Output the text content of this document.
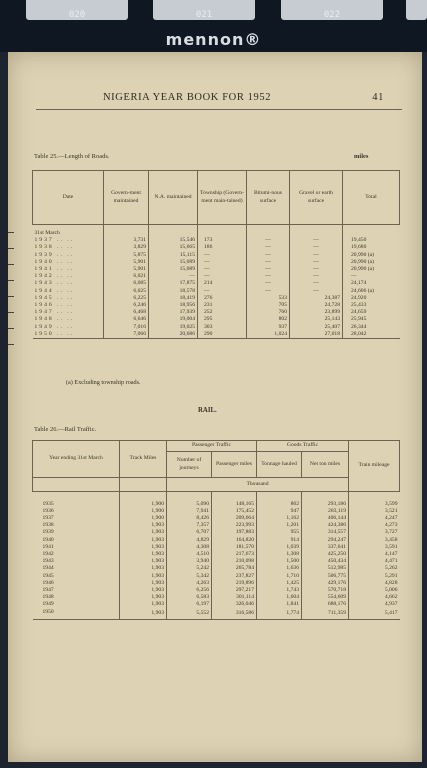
020	021	022
mennon®
NIGERIA YEAR BOOK FOR 1952	41
Table 25.—Length of Roads.	miles
Date	Govern-ment maintained	N.A. maintained	Township (Govern-ment main-tained)	Bitumi-nous surface	Gravel or earth surface	Total
31st March						
1937 .. ..	3,731	15,546	173	—	—	19,450
1938 .. ..	3,829	15,665	186	—	—	19,680
1939 .. ..	5,875	15,115	—	—	—	20,990 (a)
1940 .. ..	5,901	15,089	—	—	—	20,990 (a)
1941 .. ..	5,901	15,089	—	—	—	20,990 (a)
1942 .. ..	6,021	—	—	—	—	—
1943 .. ..	6,085	17,875	214	—	—	24,174
1944 .. ..	6,025	18,578	—	—	—	24,606 (a)
1945 .. ..	6,225	18,419	276	533	24,387	24,920
1946 .. ..	6,246	18,956	231	705	24,728	25,433
1947 .. ..	6,468	17,939	252	760	23,899	24,659
1948 .. ..	6,646	19,004	295	802	25,143	25,945
1949 .. ..	7,016	19,025	303	937	25,407	26,344
1950 .. ..	7,066	20,686	290	1,024	27,018	28,042
(a) Excluding township roads.
RAIL.
Table 26.—Rail Traffic.
Year ending 31st March	Track Miles	Passenger Traffic		Goods Traffic		Train mileage
		Number of journeys	Passenger miles	Tonnage hauled	Net ton miles	
		Thousand				

1935	1,900	5,090	148,165	862	293,186	3,599
1936	1,900	7,941	175,452	947	283,119	3,521
1937	1,900	8,426	209,664	1,162	406,144	4,247
1938	1,903	7,357	223,993	1,201	424,386	4,273
1939	1,903	6,707	197,883	955	314,557	3,727
1940	1,903	4,829	164,820	914	294,247	3,458
1941	1,903	4,308	181,570	1,039	337,641	3,591
1942	1,903	4,510	217,673	1,308	425,250	4,147
1943	1,903	3,940	210,098	1,500	450,434	4,471
1944	1,903	5,242	265,784	1,636	512,985	5,262
1945	1,903	5,342	237,827	1,710	506,775	5,291
1946	1,903	4,263	219,896	1,425	429,176	4,828
1947	1,903	6,256	297,217	1,743	570,718	5,006
1948	1,903	6,583	301,114	1,604	554,609	4,662
1949	1,903	6,197	326,046	1,841	688,176	4,937
1950	1,903	5,552	316,586	1,774	711,359	5,417
